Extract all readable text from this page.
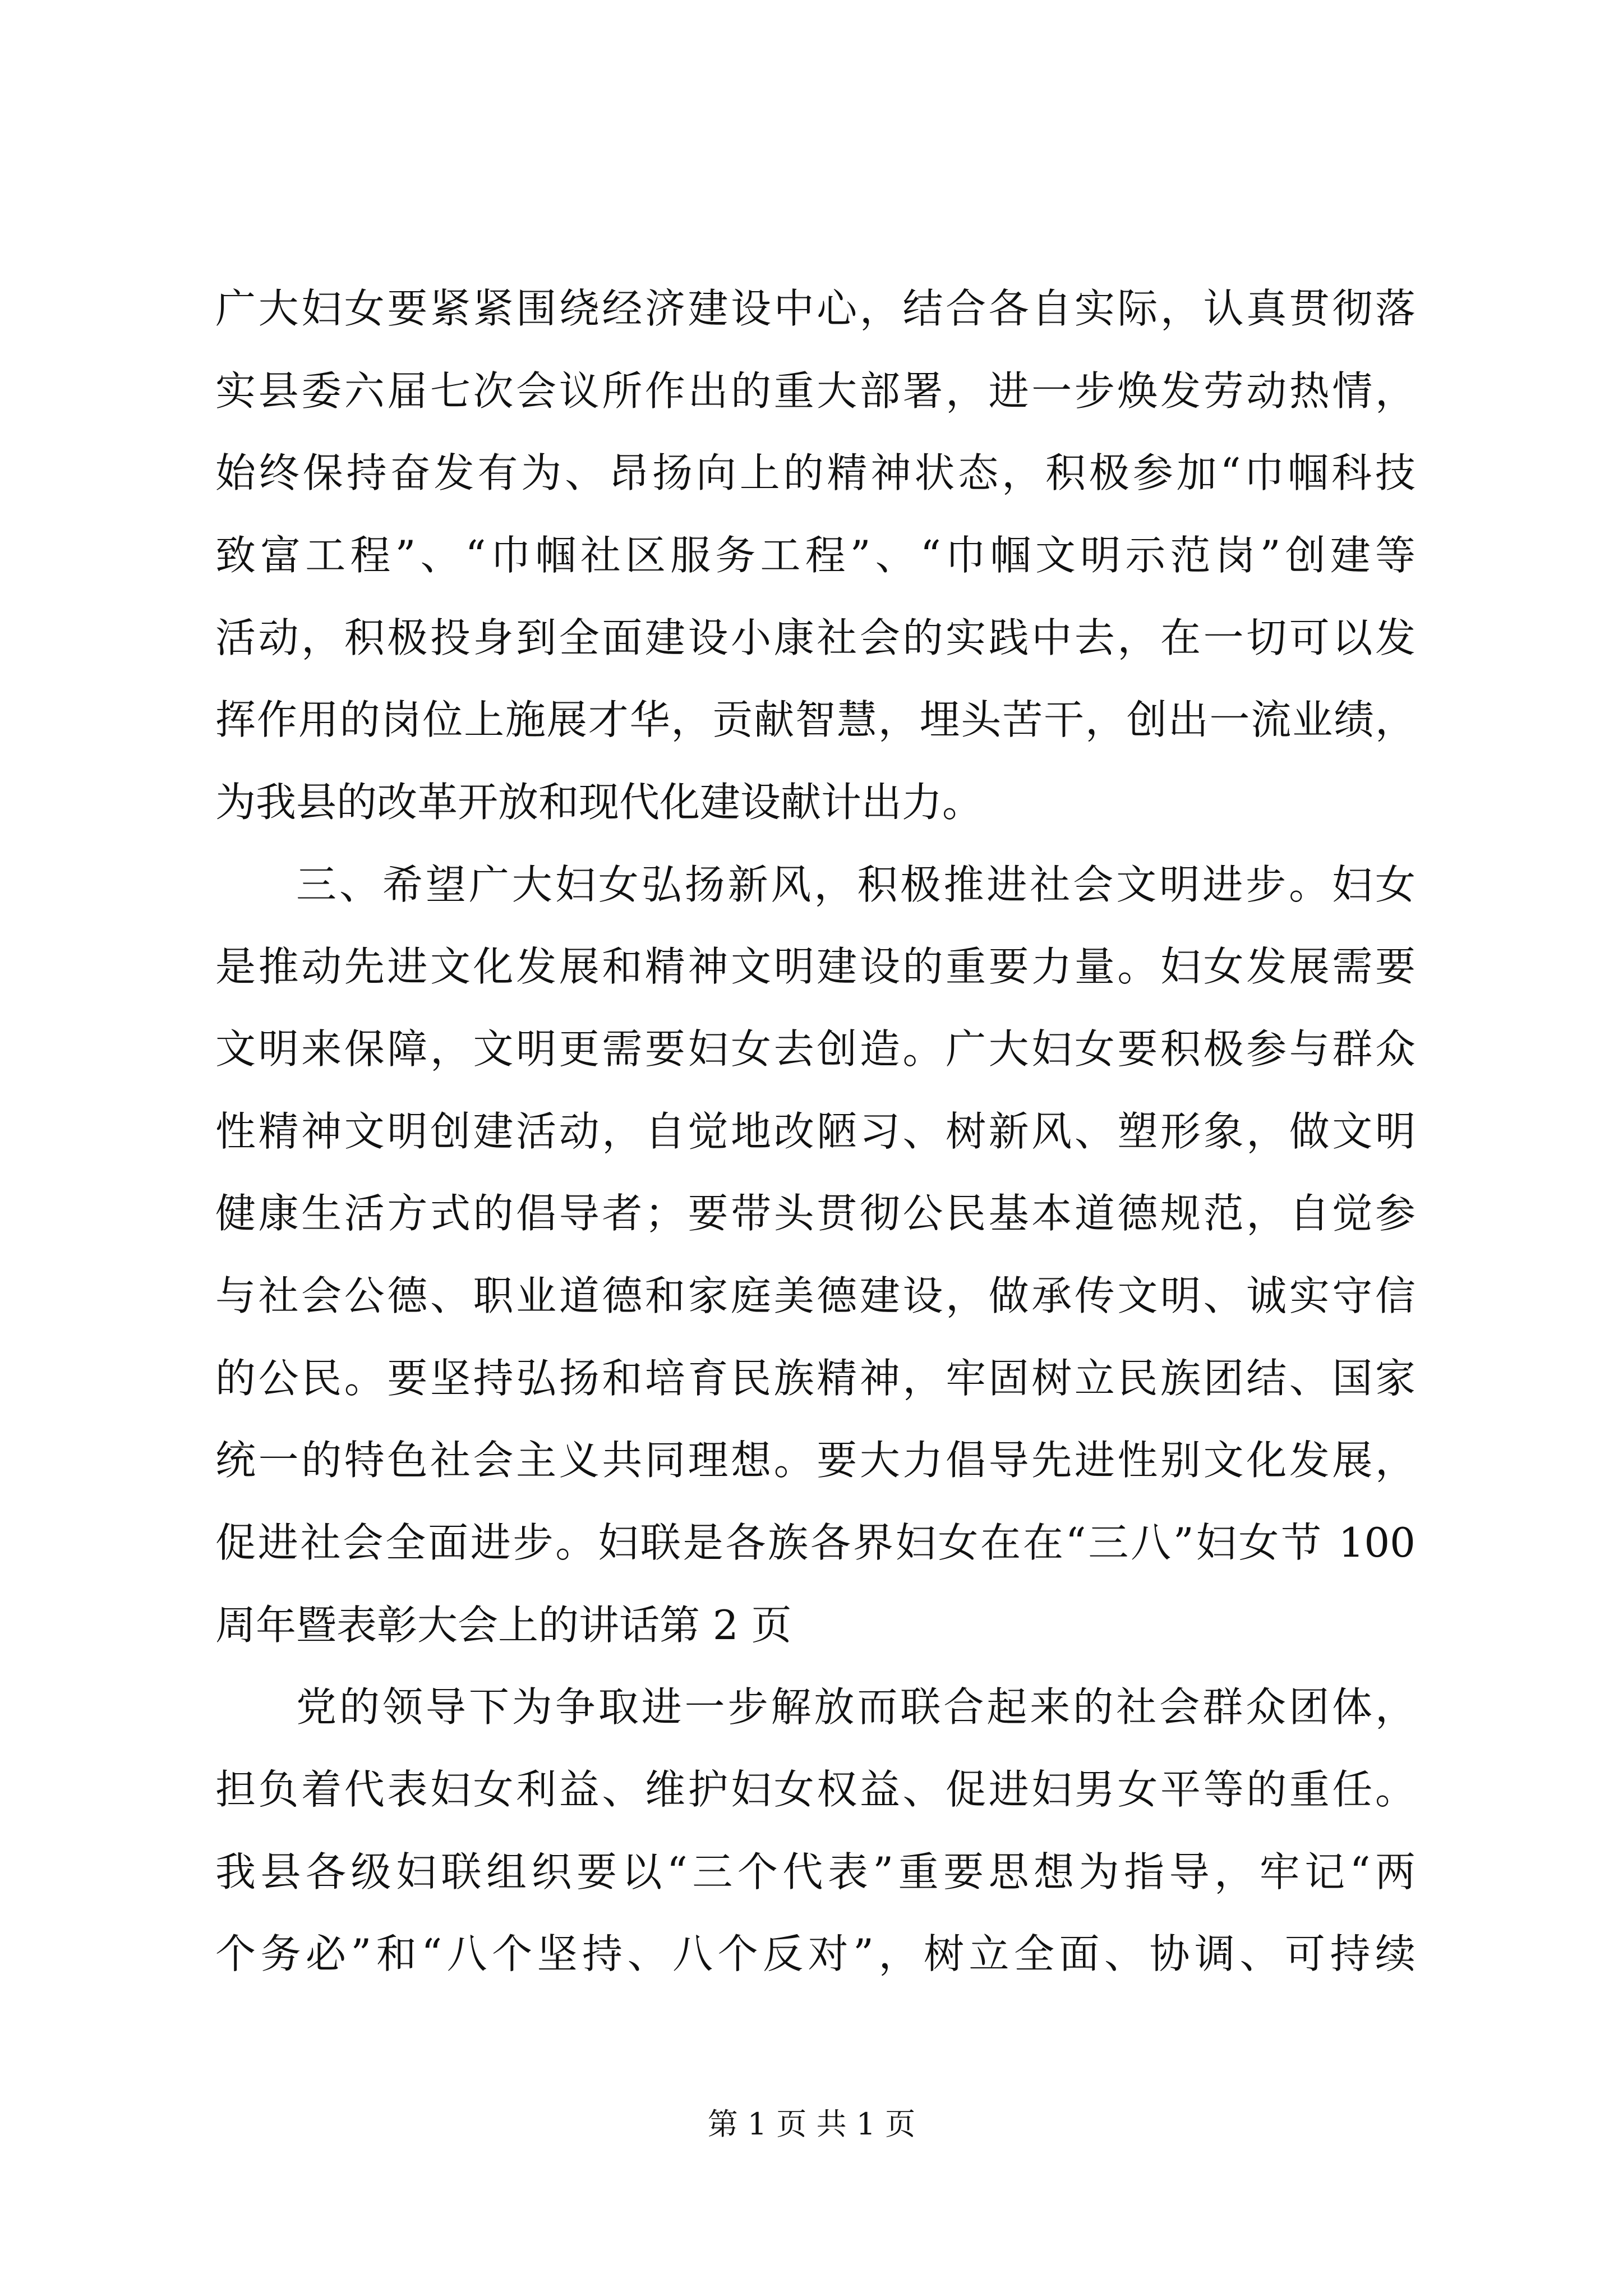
广大妇女要紧紧围绕经济建设中心，结合各自实际，认真贯彻落
实县委六届七次会议所作出的重大部署，进一步焕发劳动热情，
始终保持奋发有为、昂扬向上的精神状态，积极参加“巾帼科技
致富工程”、“巾帼社区服务工程”、“巾帼文明示范岗”创建等
活动，积极投身到全面建设小康社会的实践中去，在一切可以发
挥作用的岗位上施展才华，贡献智慧，埋头苦干，创出一流业绩，
为我县的改革开放和现代化建设献计出力。
三、希望广大妇女弘扬新风，积极推进社会文明进步。妇女
是推动先进文化发展和精神文明建设的重要力量。妇女发展需要
文明来保障，文明更需要妇女去创造。广大妇女要积极参与群众
性精神文明创建活动，自觉地改陋习、树新风、塑形象，做文明
健康生活方式的倡导者；要带头贯彻公民基本道德规范，自觉参
与社会公德、职业道德和家庭美德建设，做承传文明、诚实守信
的公民。要坚持弘扬和培育民族精神，牢固树立民族团结、国家
统一的特色社会主义共同理想。要大力倡导先进性别文化发展，
促进社会全面进步。妇联是各族各界妇女在在“三八”妇女节 100
周年暨表彰大会上的讲话第 2 页
党的领导下为争取进一步解放而联合起来的社会群众团体，
担负着代表妇女利益、维护妇女权益、促进妇男女平等的重任。
我县各级妇联组织要以“三个代表”重要思想为指导，牢记“两
个务必”和“八个坚持、八个反对”，树立全面、协调、可持续
第 1 页 共 1 页
